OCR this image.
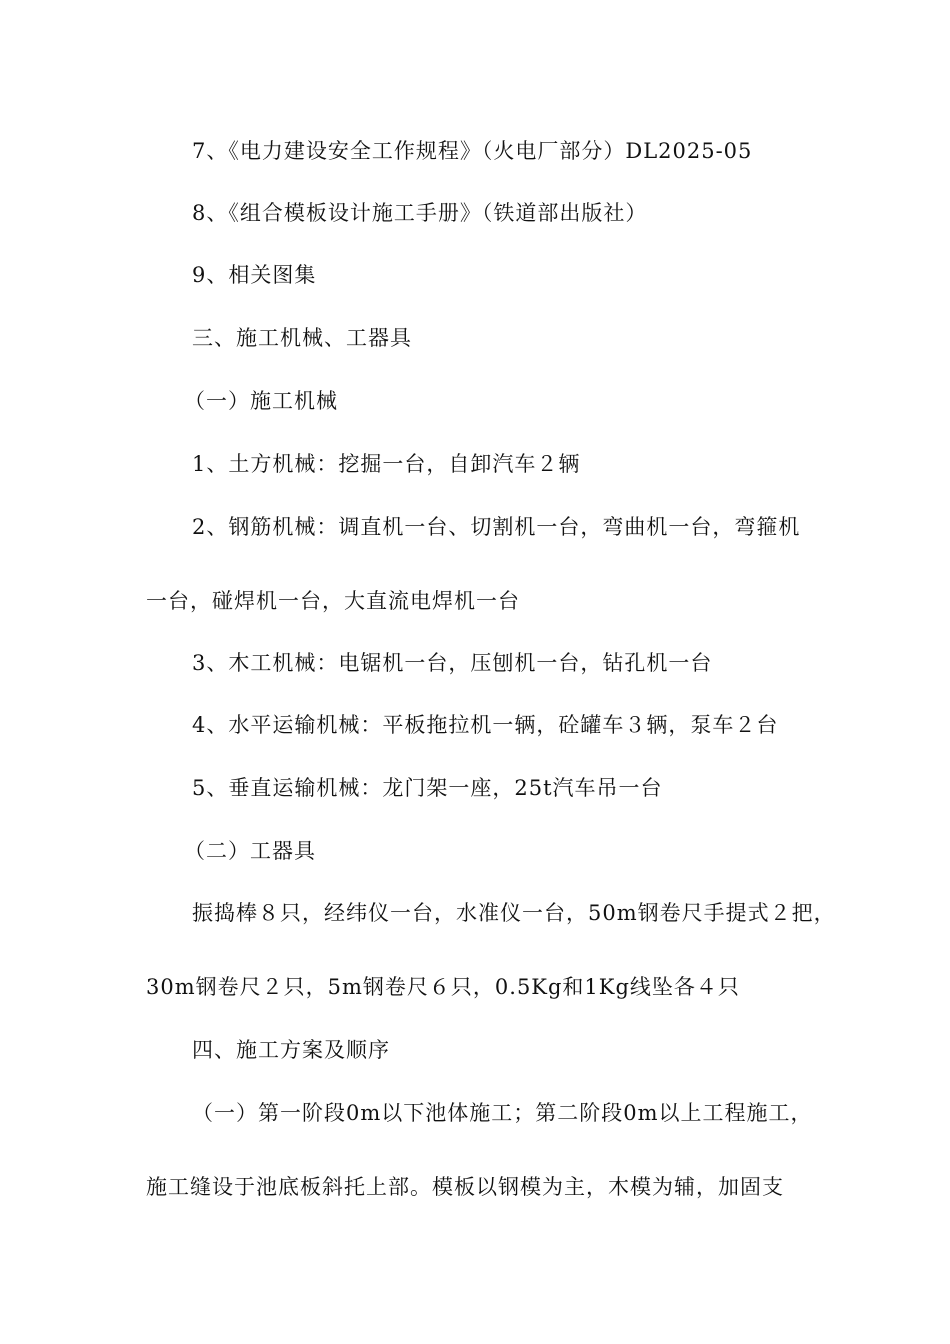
7、《电力建设安全工作规程》（火电厂部分）DL2025-05
8、《组合模板设计施工手册》（铁道部出版社）
9、相关图集
三、施工机械、工器具
（一）施工机械
1、土方机械：挖掘一台，自卸汽车２辆
2、钢筋机械：调直机一台、切割机一台，弯曲机一台，弯箍机
一台，碰焊机一台，大直流电焊机一台
3、木工机械：电锯机一台，压刨机一台，钻孔机一台
4、水平运输机械：平板拖拉机一辆，砼罐车３辆，泵车２台
5、垂直运输机械：龙门架一座，25t汽车吊一台
（二）工器具
振捣棒８只，经纬仪一台，水准仪一台，50m钢卷尺手提式２把，
30m钢卷尺２只，5m钢卷尺６只，0.5Kg和1Kg线坠各４只
四、施工方案及顺序
（一）第一阶段0m以下池体施工；第二阶段0m以上工程施工，
施工缝设于池底板斜托上部。模板以钢模为主，木模为辅，加固支
